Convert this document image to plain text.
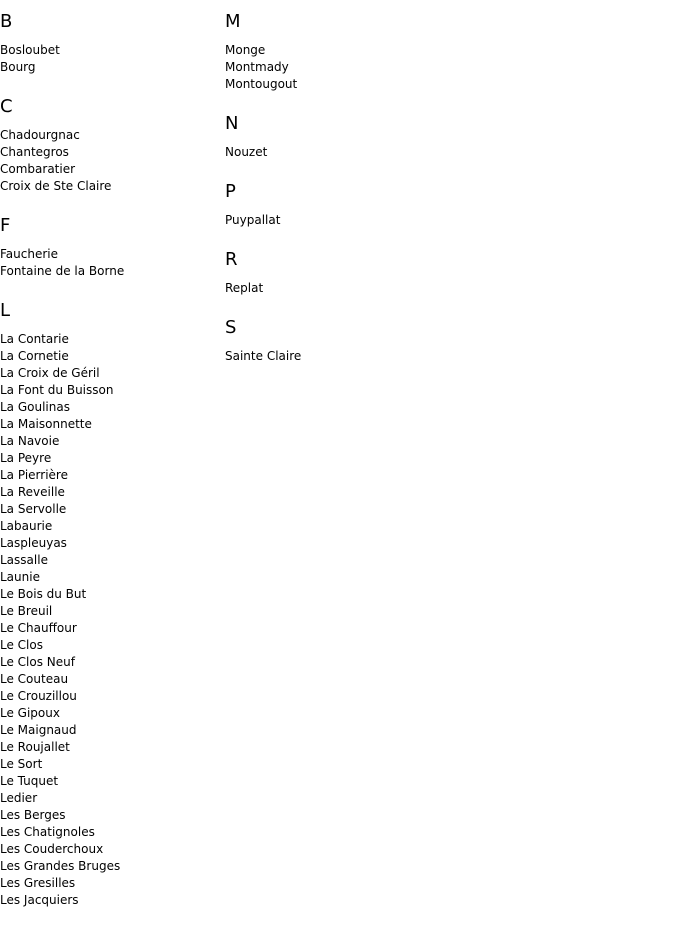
B
Bosloubet
Bourg
C
Chadourgnac
Chantegros
Combaratier
Croix de Ste Claire
F
Faucherie
Fontaine de la Borne
L
La Contarie
La Cornetie
La Croix de Géril
La Font du Buisson
La Goulinas
La Maisonnette
La Navoie
La Peyre
La Pierrière
La Reveille
La Servolle
Labaurie
Laspleuyas
Lassalle
Launie
Le Bois du But
Le Breuil
Le Chauffour
Le Clos
Le Clos Neuf
Le Couteau
Le Crouzillou
Le Gipoux
Le Maignaud
Le Roujallet
Le Sort
Le Tuquet
Ledier
Les Berges
Les Chatignoles
Les Couderchoux
Les Grandes Bruges
Les Gresilles
Les Jacquiers
M
Monge
Montmady
Montougout
N
Nouzet
P
Puypallat
R
Replat
S
Sainte Claire
